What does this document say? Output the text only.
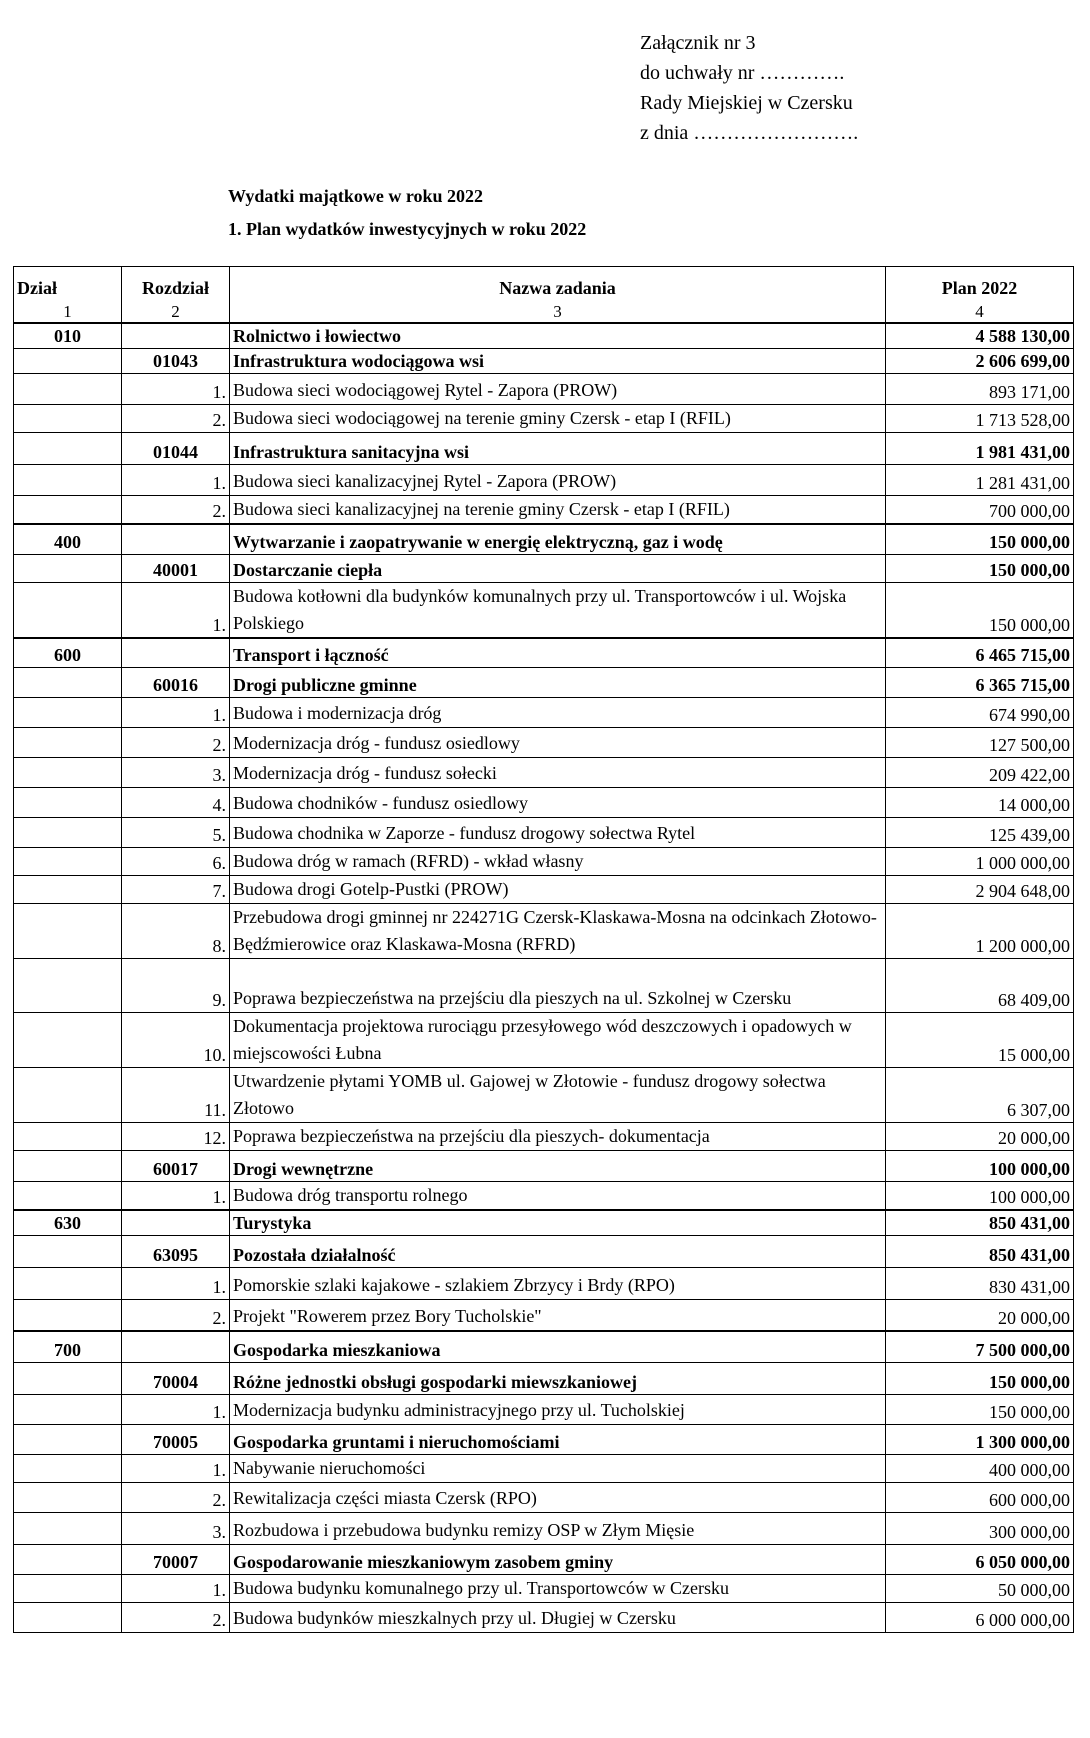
Załącznik nr 3
do uchwały nr ………….
Rady Miejskiej w Czersku
z dnia …………………….
Wydatki majątkowe w roku 2022
1. Plan wydatków inwestycyjnych w roku 2022
Dział	Rozdział	Nazwa zadania	Plan 2022
1	2	3	4
010		Rolnictwo i łowiectwo	4 588 130,00
	01043	Infrastruktura wodociągowa wsi	2 606 699,00
	1.	Budowa sieci wodociągowej Rytel - Zapora (PROW)	893 171,00
	2.	Budowa sieci wodociągowej na terenie gminy Czersk - etap I (RFIL)	1 713 528,00
	01044	Infrastruktura sanitacyjna wsi	1 981 431,00
	1.	Budowa sieci kanalizacyjnej Rytel - Zapora (PROW)	1 281 431,00
	2.	Budowa sieci kanalizacyjnej na terenie gminy Czersk - etap I (RFIL)	700 000,00
400		Wytwarzanie i zaopatrywanie w energię elektryczną, gaz i wodę	150 000,00
	40001	Dostarczanie ciepła	150 000,00
	1.	Budowa kotłowni dla budynków komunalnych przy ul. Transportowców i ul. Wojska Polskiego	150 000,00
600		Transport i łączność	6 465 715,00
	60016	Drogi publiczne gminne	6 365 715,00
	1.	Budowa i modernizacja dróg	674 990,00
	2.	Modernizacja dróg - fundusz osiedlowy	127 500,00
	3.	Modernizacja dróg - fundusz sołecki	209 422,00
	4.	Budowa chodników - fundusz osiedlowy	14 000,00
	5.	Budowa chodnika w Zaporze - fundusz drogowy sołectwa Rytel	125 439,00
	6.	Budowa dróg w ramach (RFRD) - wkład własny	1 000 000,00
	7.	Budowa drogi Gotelp-Pustki (PROW)	2 904 648,00
	8.	Przebudowa drogi gminnej nr 224271G Czersk-Klaskawa-Mosna na odcinkach Złotowo-Będźmierowice oraz Klaskawa-Mosna (RFRD)	1 200 000,00
	9.	Poprawa bezpieczeństwa na przejściu dla pieszych na ul. Szkolnej w Czersku	68 409,00
	10.	Dokumentacja projektowa rurociągu przesyłowego wód deszczowych i opadowych w miejscowości Łubna	15 000,00
	11.	Utwardzenie płytami YOMB ul. Gajowej w Złotowie - fundusz drogowy sołectwa Złotowo	6 307,00
	12.	Poprawa bezpieczeństwa na przejściu dla pieszych- dokumentacja	20 000,00
	60017	Drogi wewnętrzne	100 000,00
	1.	Budowa dróg transportu rolnego	100 000,00
630		Turystyka	850 431,00
	63095	Pozostała działalność	850 431,00
	1.	Pomorskie szlaki kajakowe - szlakiem Zbrzycy i Brdy (RPO)	830 431,00
	2.	Projekt "Rowerem przez Bory Tucholskie"	20 000,00
700		Gospodarka mieszkaniowa	7 500 000,00
	70004	Różne jednostki obsługi gospodarki miewszkaniowej	150 000,00
	1.	Modernizacja budynku administracyjnego przy ul. Tucholskiej	150 000,00
	70005	Gospodarka gruntami i nieruchomościami	1 300 000,00
	1.	Nabywanie nieruchomości	400 000,00
	2.	Rewitalizacja części miasta Czersk (RPO)	600 000,00
	3.	Rozbudowa i przebudowa budynku remizy OSP w Złym Mięsie	300 000,00
	70007	Gospodarowanie mieszkaniowym zasobem gminy	6 050 000,00
	1.	Budowa budynku komunalnego przy ul. Transportowców w Czersku	50 000,00
	2.	Budowa budynków mieszkalnych przy ul. Długiej w Czersku	6 000 000,00
